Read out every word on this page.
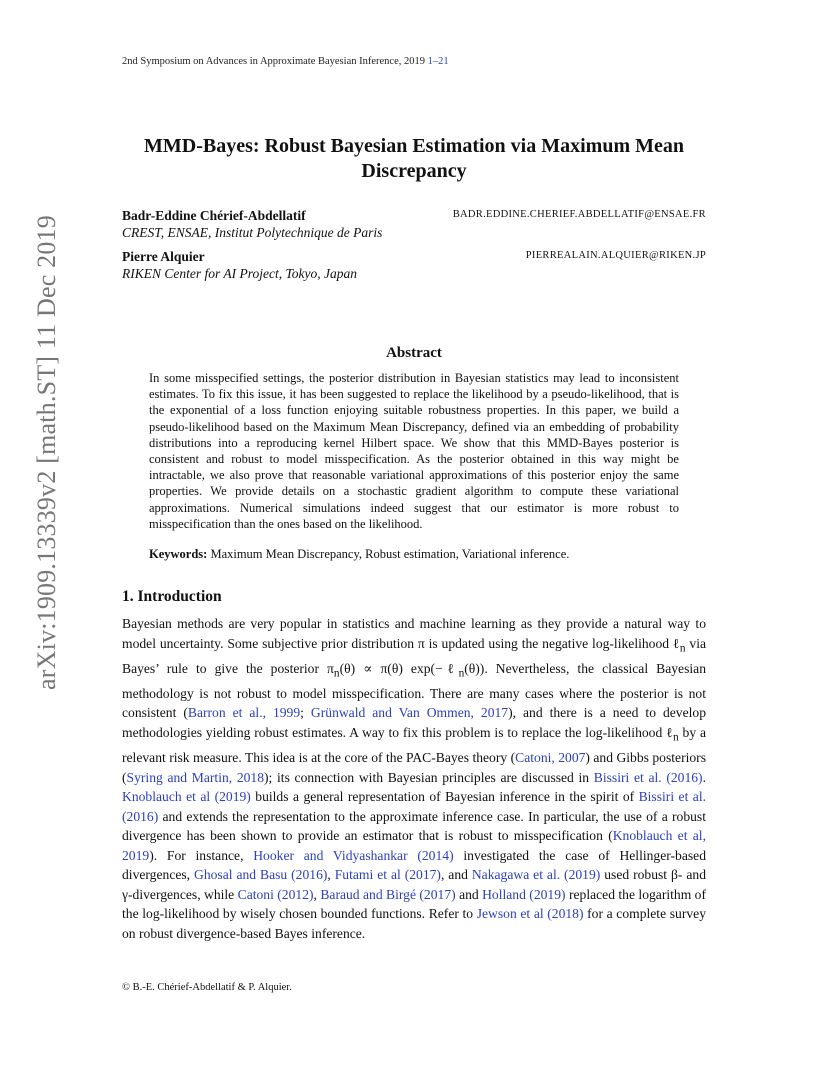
arXiv:1909.13339v2 [math.ST] 11 Dec 2019
2nd Symposium on Advances in Approximate Bayesian Inference, 2019 1–21
MMD-Bayes: Robust Bayesian Estimation via Maximum Mean Discrepancy
Badr-Eddine Chérief-Abdellatif	BADR.EDDINE.CHERIEF.ABDELLATIF@ENSAE.FR
CREST, ENSAE, Institut Polytechnique de Paris
Pierre Alquier	PIERREALAIN.ALQUIER@RIKEN.JP
RIKEN Center for AI Project, Tokyo, Japan
Abstract
In some misspecified settings, the posterior distribution in Bayesian statistics may lead to inconsistent estimates. To fix this issue, it has been suggested to replace the likelihood by a pseudo-likelihood, that is the exponential of a loss function enjoying suitable robustness properties. In this paper, we build a pseudo-likelihood based on the Maximum Mean Discrepancy, defined via an embedding of probability distributions into a reproducing kernel Hilbert space. We show that this MMD-Bayes posterior is consistent and robust to model misspecification. As the posterior obtained in this way might be intractable, we also prove that reasonable variational approximations of this posterior enjoy the same properties. We provide details on a stochastic gradient algorithm to compute these variational approximations. Numerical simulations indeed suggest that our estimator is more robust to misspecification than the ones based on the likelihood.
Keywords: Maximum Mean Discrepancy, Robust estimation, Variational inference.
1. Introduction
Bayesian methods are very popular in statistics and machine learning as they provide a natural way to model uncertainty. Some subjective prior distribution π is updated using the negative log-likelihood ℓ$_n$ via Bayes’ rule to give the posterior $\pi_n(\theta) \propto \pi(\theta)$ exp(−ℓ$_n$(θ)). Nevertheless, the classical Bayesian methodology is not robust to model misspecification. There are many cases where the posterior is not consistent (Barron et al., 1999; Grünwald and Van Ommen, 2017), and there is a need to develop methodologies yielding robust estimates. A way to fix this problem is to replace the log-likelihood ℓ$_n$ by a relevant risk measure. This idea is at the core of the PAC-Bayes theory (Catoni, 2007) and Gibbs posteriors (Syring and Martin, 2018); its connection with Bayesian principles are discussed in Bissiri et al. (2016). Knoblauch et al (2019) builds a general representation of Bayesian inference in the spirit of Bissiri et al. (2016) and extends the representation to the approximate inference case. In particular, the use of a robust divergence has been shown to provide an estimator that is robust to misspecification (Knoblauch et al, 2019). For instance, Hooker and Vidyashankar (2014) investigated the case of Hellinger-based divergences, Ghosal and Basu (2016), Futami et al (2017), and Nakagawa et al. (2019) used robust β- and γ-divergences, while Catoni (2012), Baraud and Birgé (2017) and Holland (2019) replaced the logarithm of the log-likelihood by wisely chosen bounded functions. Refer to Jewson et al (2018) for a complete survey on robust divergence-based Bayes inference.
© B.-E. Chérief-Abdellatif & P. Alquier.
